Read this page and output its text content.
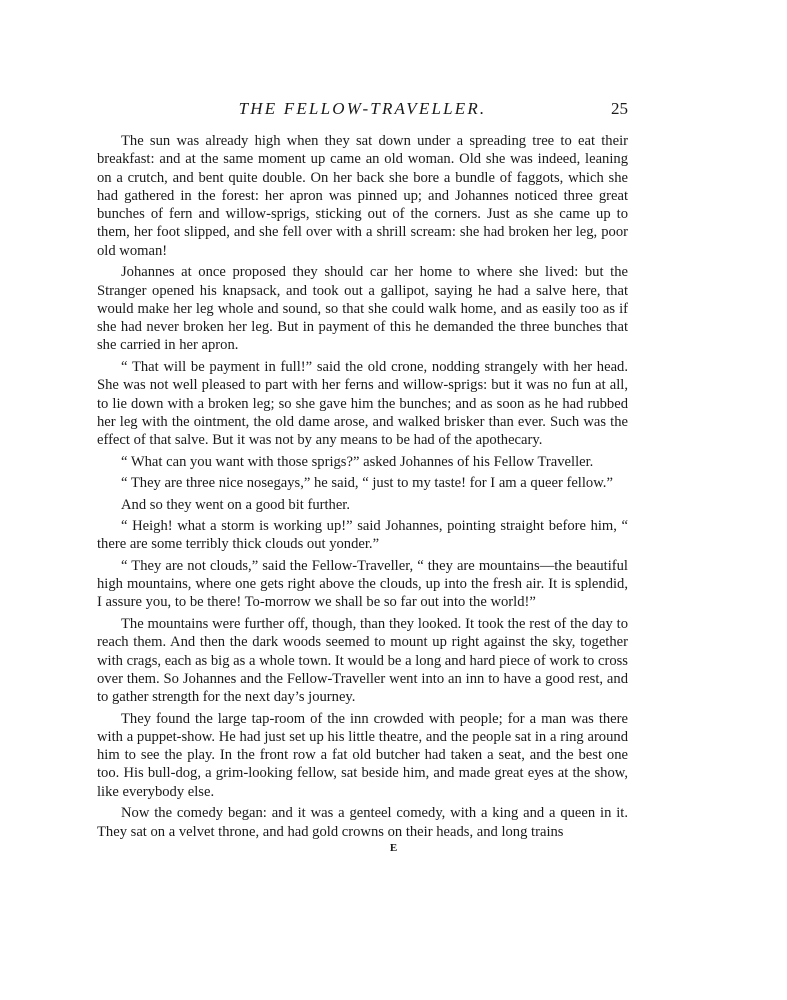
THE FELLOW-TRAVELLER.	25

The sun was already high when they sat down under a spreading tree to eat their breakfast: and at the same moment up came an old woman. Old she was indeed, leaning on a crutch, and bent quite double. On her back she bore a bundle of faggots, which she had gathered in the forest: her apron was pinned up; and Johannes noticed three great bunches of fern and willow-sprigs, sticking out of the corners. Just as she came up to them, her foot slipped, and she fell over with a shrill scream: she had broken her leg, poor old woman!

Johannes at once proposed they should car her home to where she lived: but the Stranger opened his knapsack, and took out a gallipot, saying he had a salve here, that would make her leg whole and sound, so that she could walk home, and as easily too as if she had never broken her leg. But in payment of this he demanded the three bunches that she carried in her apron.

“ That will be payment in full!” said the old crone, nodding strangely with her head. She was not well pleased to part with her ferns and willow-sprigs: but it was no fun at all, to lie down with a broken leg; so she gave him the bunches; and as soon as he had rubbed her leg with the ointment, the old dame arose, and walked brisker than ever. Such was the effect of that salve. But it was not by any means to be had of the apothecary.

“ What can you want with those sprigs?” asked Johannes of his Fellow Traveller.

“ They are three nice nosegays,” he said, “ just to my taste! for I am a queer fellow.”

And so they went on a good bit further.

“ Heigh! what a storm is working up!” said Johannes, pointing straight before him, “ there are some terribly thick clouds out yonder.”

“ They are not clouds,” said the Fellow-Traveller, “ they are mountains—the beautiful high mountains, where one gets right above the clouds, up into the fresh air. It is splendid, I assure you, to be there! To-morrow we shall be so far out into the world!”

The mountains were further off, though, than they looked. It took the rest of the day to reach them. And then the dark woods seemed to mount up right against the sky, together with crags, each as big as a whole town. It would be a long and hard piece of work to cross over them. So Johannes and the Fellow-Traveller went into an inn to have a good rest, and to gather strength for the next day’s journey.

They found the large tap-room of the inn crowded with people; for a man was there with a puppet-show. He had just set up his little theatre, and the people sat in a ring around him to see the play. In the front row a fat old butcher had taken a seat, and the best one too. His bull-dog, a grim-looking fellow, sat beside him, and made great eyes at the show, like everybody else.

Now the comedy began: and it was a genteel comedy, with a king and a queen in it. They sat on a velvet throne, and had gold crowns on their heads, and long trains

E
